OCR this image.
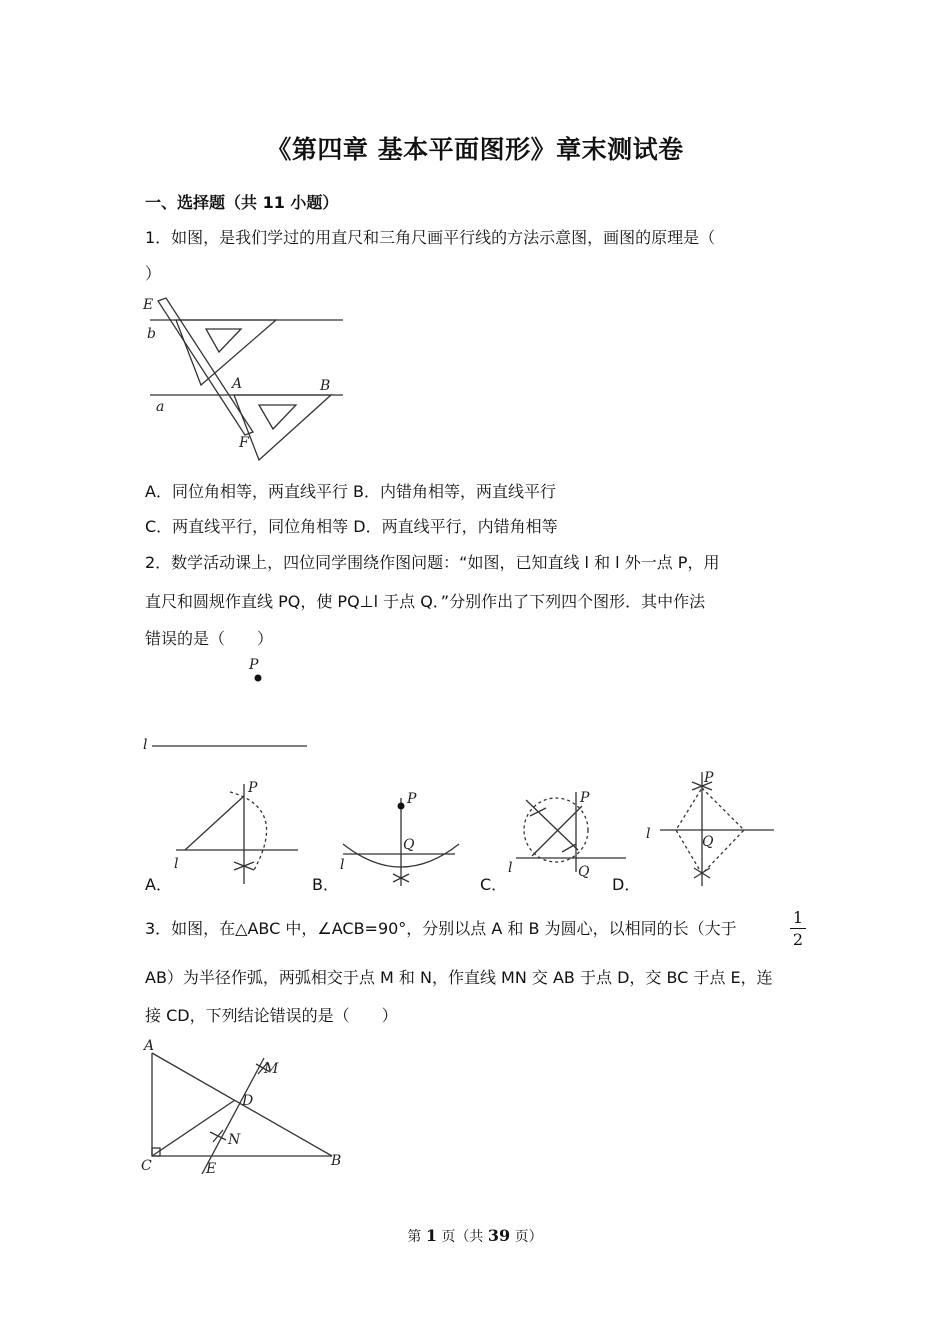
《第四章 基本平面图形》章末测试卷
一、选择题（共 11 小题）
1．如图，是我们学过的用直尺和三角尺画平行线的方法示意图，画图的原理是（
）
E
b
A	B
a
F
A．同位角相等，两直线平行 B．内错角相等，两直线平行
C．两直线平行，同位角相等 D．两直线平行，内错角相等
2．数学活动课上，四位同学围绕作图问题：“如图，已知直线 l 和 l 外一点 P，用
直尺和圆规作直线 PQ，使 PQ⊥l 于点 Q．”分别作出了下列四个图形．其中作法
错误的是（　　）
P
l
A．
P
l
B．
P
Q
l
C．
P
Q
l
D．
P
Q
l
3．如图，在△ABC 中，∠ACB=90°，分别以点 A 和 B 为圆心，以相同的长（大于
1
2
AB）为半径作弧，两弧相交于点 M 和 N，作直线 MN 交 AB 于点 D，交 BC 于点 E，连
接 CD，下列结论错误的是（　　）
A
M
D
N
C	E	B
第 1 页（共 39 页）
